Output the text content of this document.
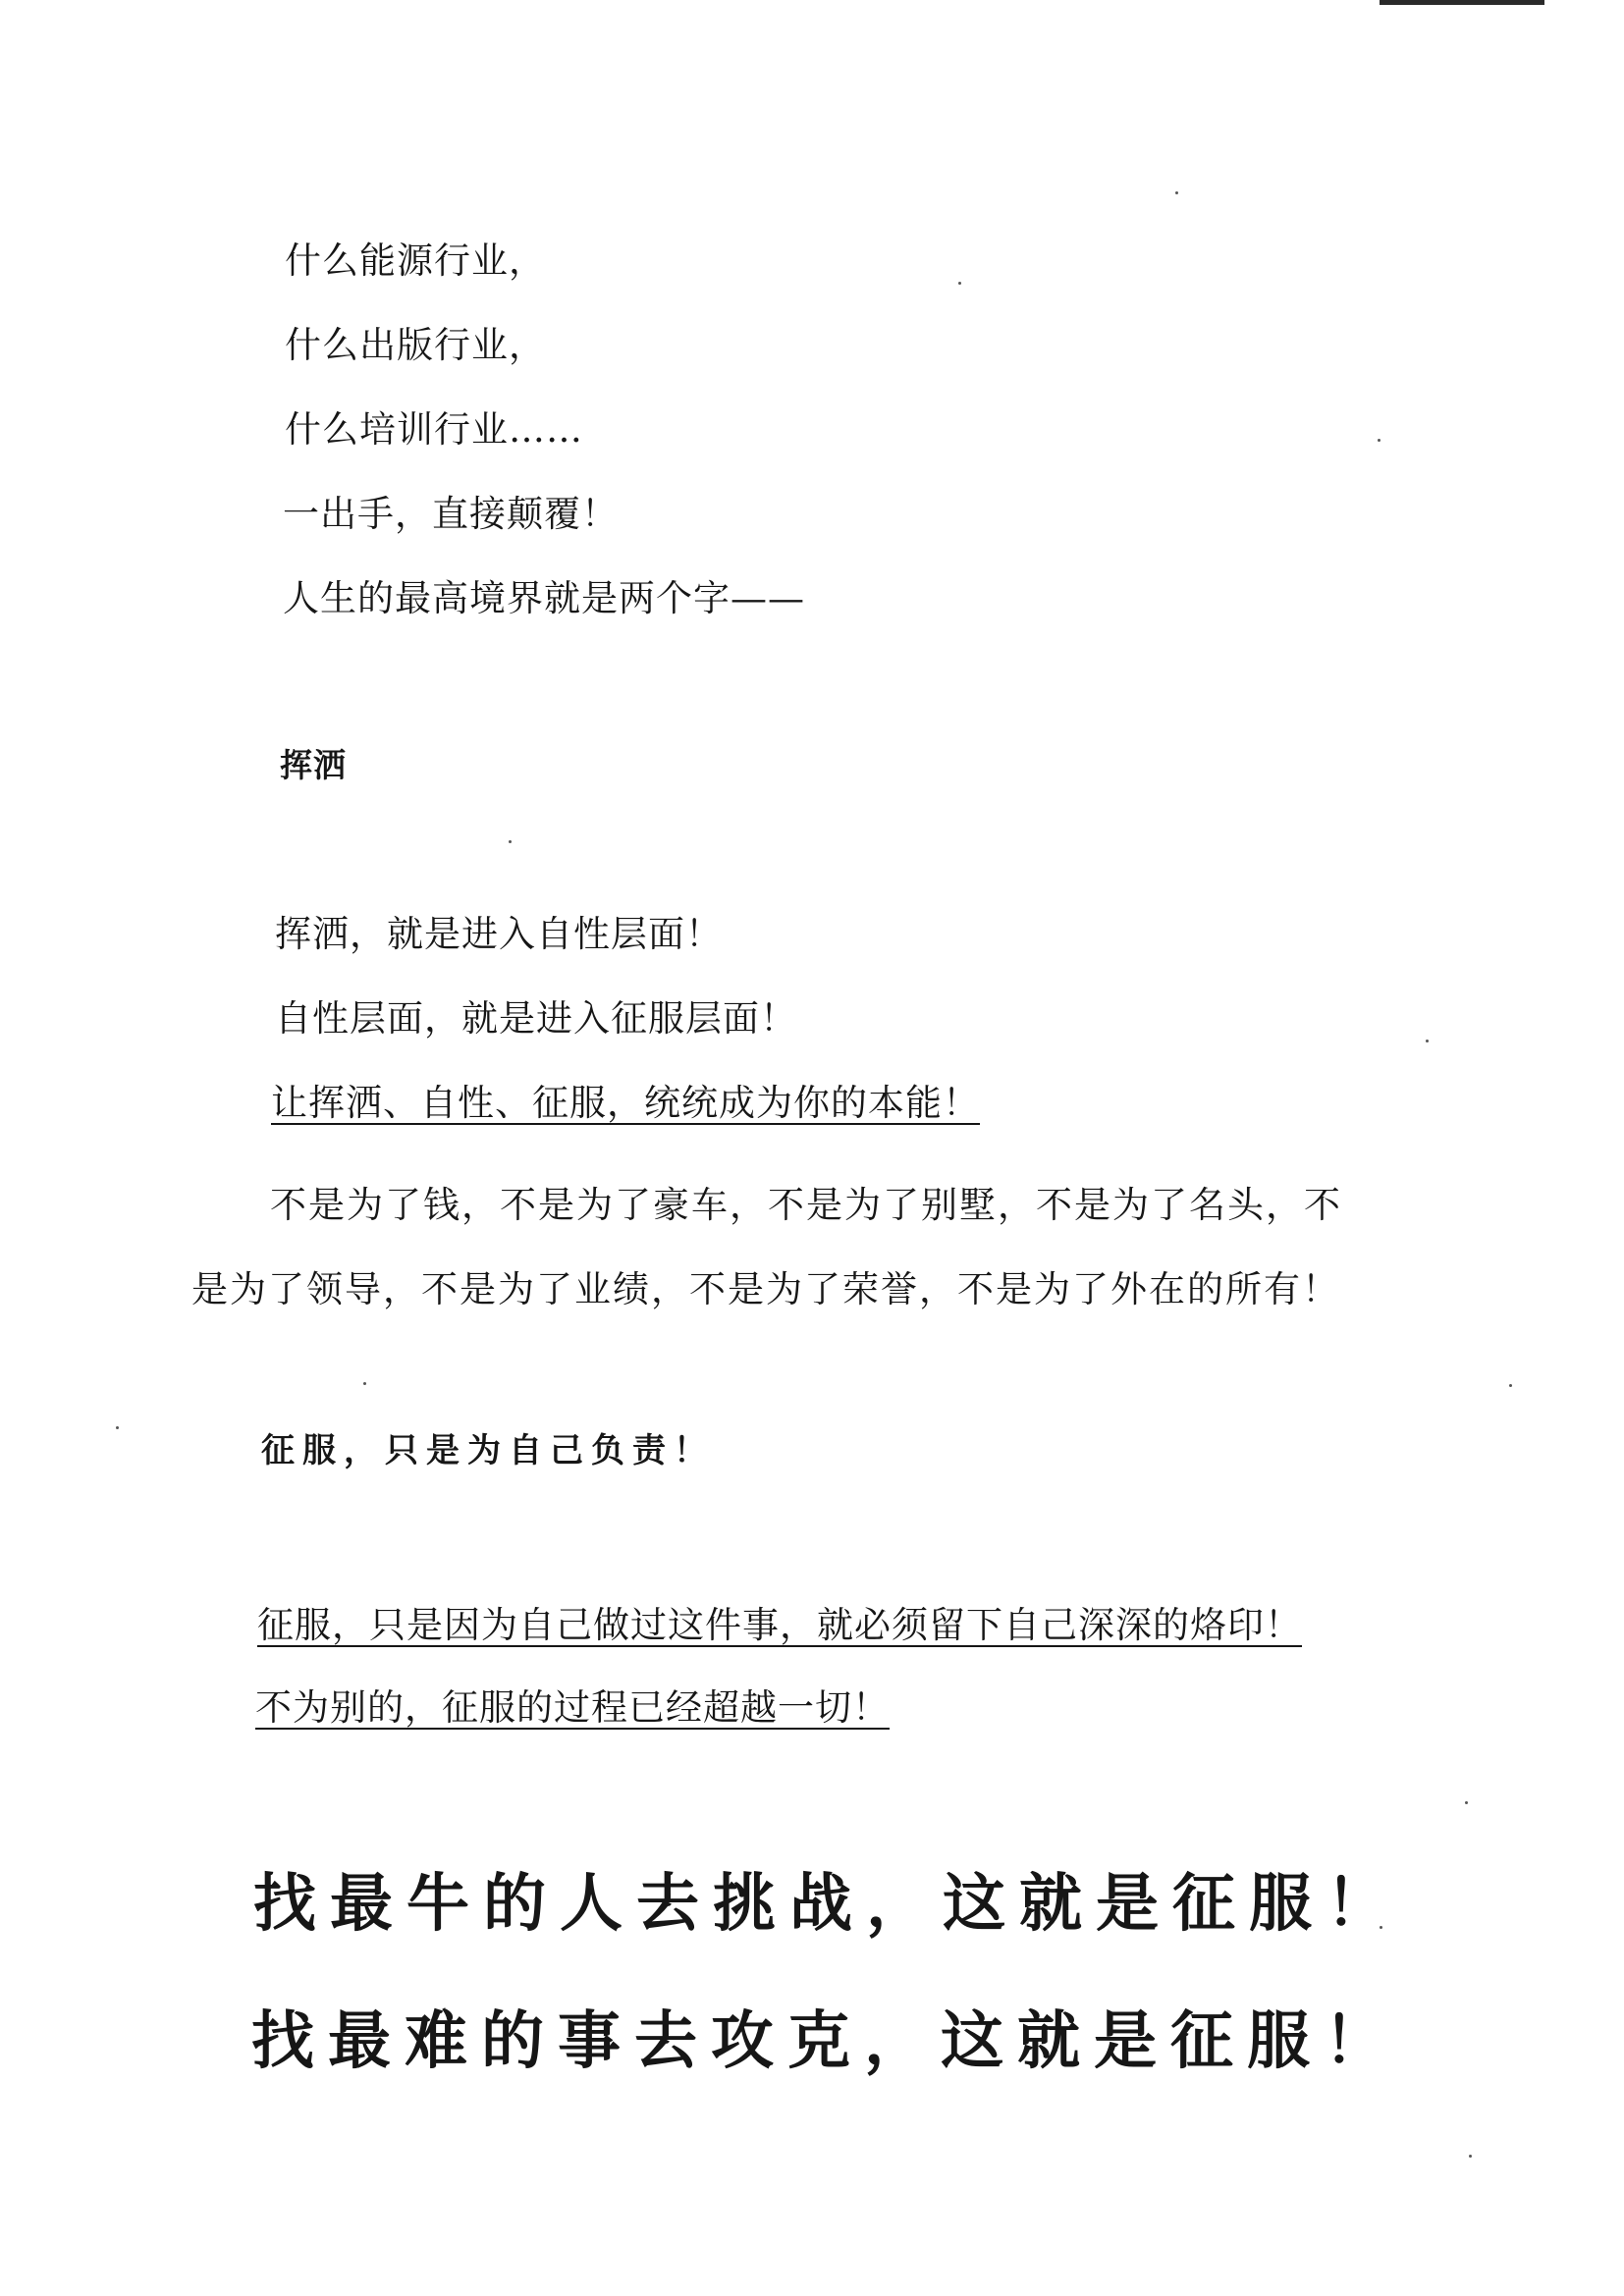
什么能源行业，
什么出版行业，
什么培训行业……
一出手，直接颠覆！
人生的最高境界就是两个字——
挥洒
挥洒，就是进入自性层面！
自性层面，就是进入征服层面！
让挥洒、自性、征服，统统成为你的本能！
不是为了钱，不是为了豪车，不是为了别墅，不是为了名头，不
是为了领导，不是为了业绩，不是为了荣誉，不是为了外在的所有！
征服，只是为自己负责！
征服，只是因为自己做过这件事，就必须留下自己深深的烙印！
不为别的，征服的过程已经超越一切！
找最牛的人去挑战，这就是征服！
找最难的事去攻克，这就是征服！
